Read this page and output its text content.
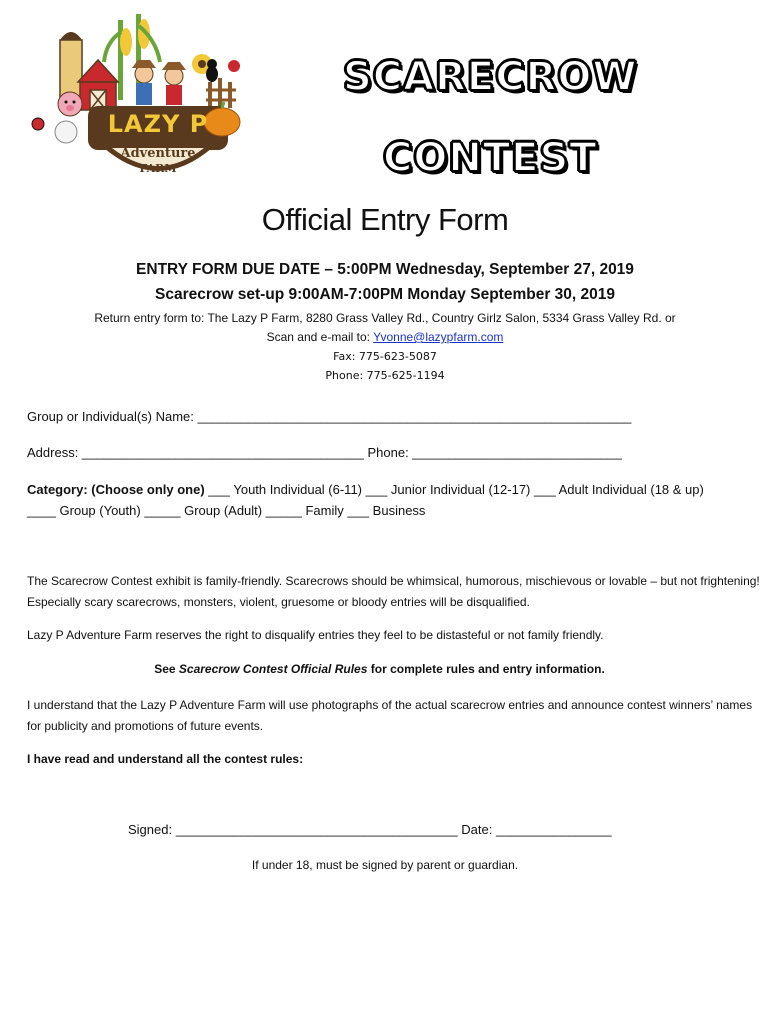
LAZY P
Adventure
FARM
SCARECROW
CONTEST
Official Entry Form
ENTRY FORM DUE DATE – 5:00PM Wednesday, September 27, 2019
Scarecrow set-up 9:00AM-7:00PM Monday September 30, 2019
Return entry form to: The Lazy P Farm, 8280 Grass Valley Rd., Country Girlz Salon, 5334 Grass Valley Rd. or
Scan and e-mail to: Yvonne@lazypfarm.com
Fax: 775-623-5087
Phone: 775-625-1194
Group or Individual(s) Name: ____________________________________________________________
Address: _______________________________________ Phone: _____________________________
Category: (Choose only one) ___ Youth Individual (6-11) ___ Junior Individual (12-17) ___ Adult Individual (18 & up)
____ Group (Youth) _____ Group (Adult) _____ Family ___ Business
The Scarecrow Contest exhibit is family-friendly. Scarecrows should be whimsical, humorous, mischievous or lovable – but not frightening!
Especially scary scarecrows, monsters, violent, gruesome or bloody entries will be disqualified.
Lazy P Adventure Farm reserves the right to disqualify entries they feel to be distasteful or not family friendly.
See Scarecrow Contest Official Rules for complete rules and entry information.
I understand that the Lazy P Adventure Farm will use photographs of the actual scarecrow entries and announce contest winners’ names
for publicity and promotions of future events.
I have read and understand all the contest rules:
Signed: _______________________________________ Date: ________________
If under 18, must be signed by parent or guardian.
